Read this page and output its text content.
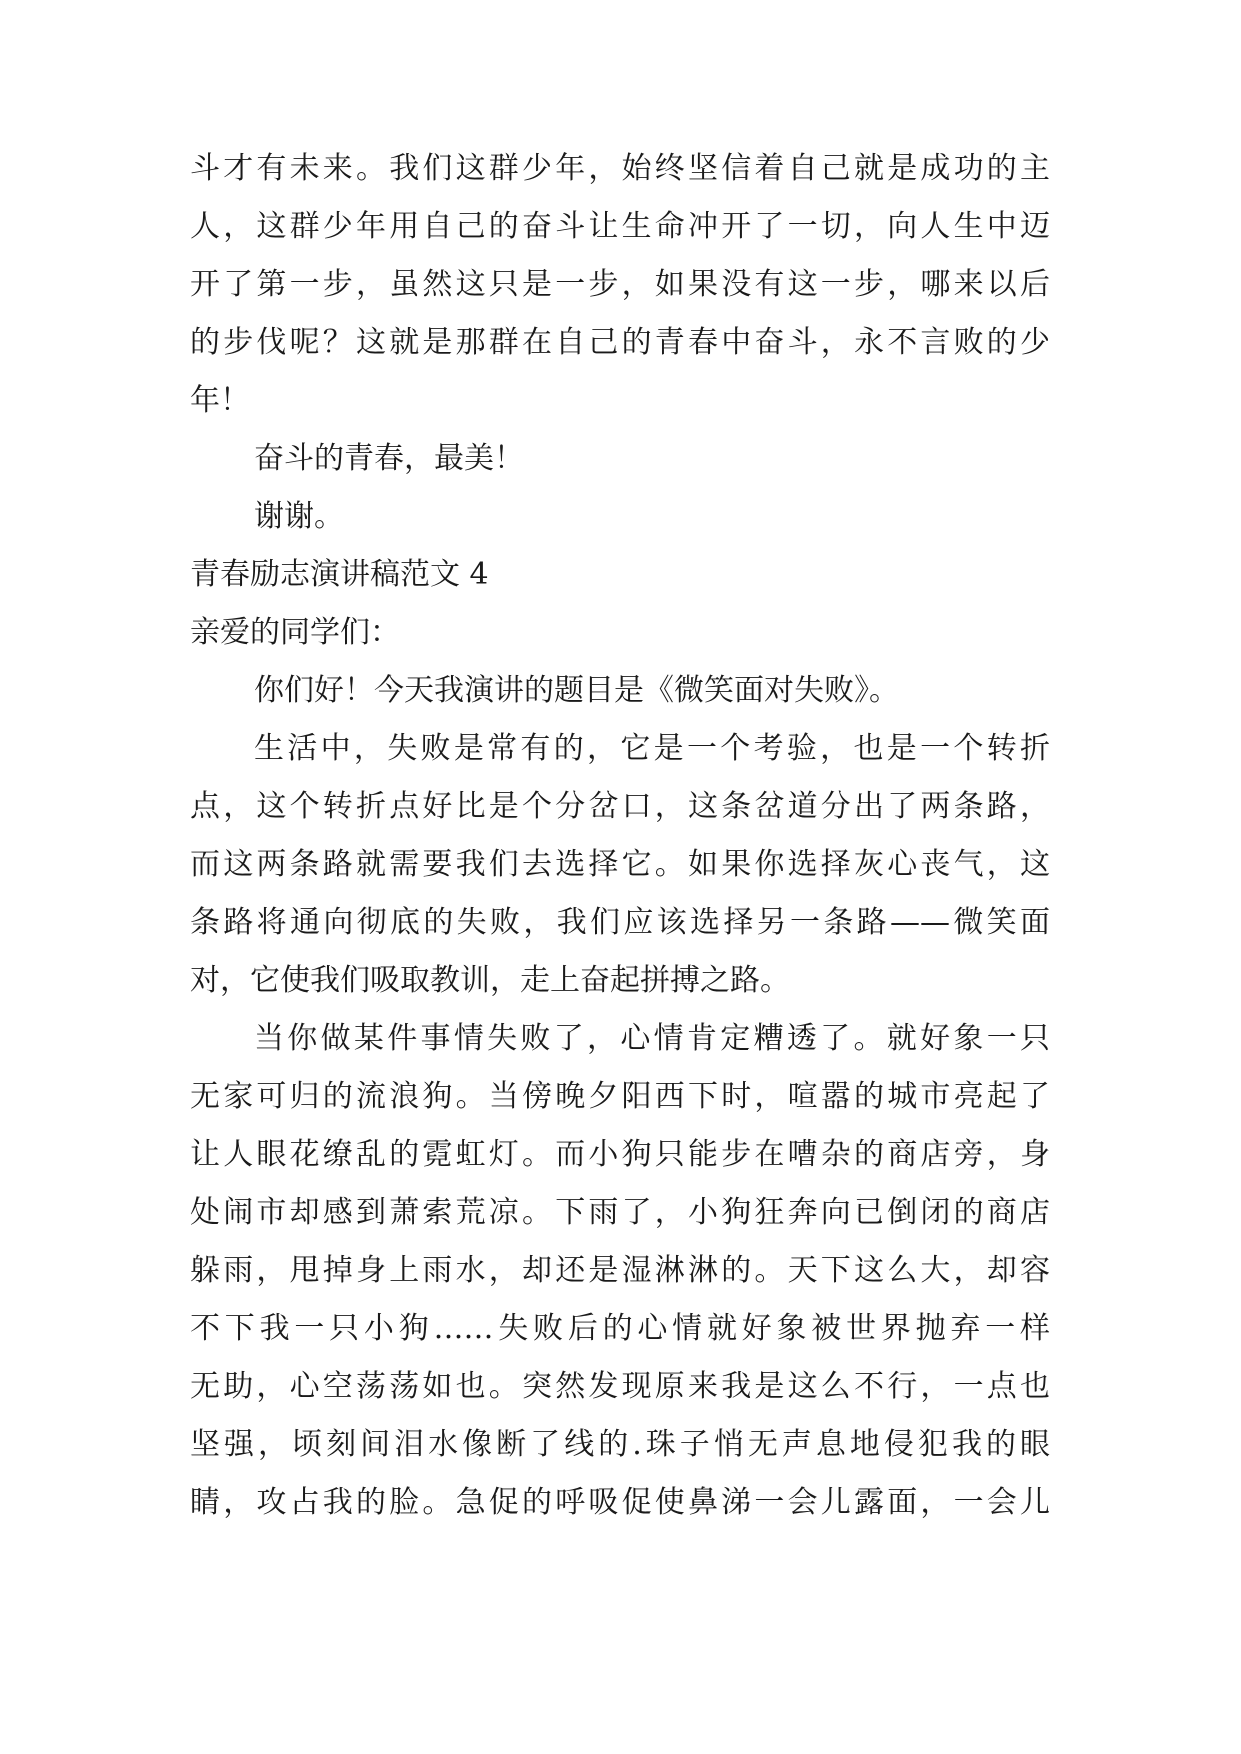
斗才有未来。我们这群少年，始终坚信着自己就是成功的主
人，这群少年用自己的奋斗让生命冲开了一切，向人生中迈
开了第一步，虽然这只是一步，如果没有这一步，哪来以后
的步伐呢？这就是那群在自己的青春中奋斗，永不言败的少
年！
奋斗的青春，最美！
谢谢。
青春励志演讲稿范文 4
亲爱的同学们：
你们好！今天我演讲的题目是《微笑面对失败》。
生活中，失败是常有的，它是一个考验，也是一个转折
点，这个转折点好比是个分岔口，这条岔道分出了两条路，
而这两条路就需要我们去选择它。如果你选择灰心丧气，这
条路将通向彻底的失败，我们应该选择另一条路——微笑面
对，它使我们吸取教训，走上奋起拼搏之路。
当你做某件事情失败了，心情肯定糟透了。就好象一只
无家可归的流浪狗。当傍晚夕阳西下时，喧嚣的城市亮起了
让人眼花缭乱的霓虹灯。而小狗只能步在嘈杂的商店旁，身
处闹市却感到萧索荒凉。下雨了，小狗狂奔向已倒闭的商店
躲雨，甩掉身上雨水，却还是湿淋淋的。天下这么大，却容
不下我一只小狗……失败后的心情就好象被世界抛弃一样
无助，心空荡荡如也。突然发现原来我是这么不行，一点也
坚强，顷刻间泪水像断了线的.珠子悄无声息地侵犯我的眼
睛，攻占我的脸。急促的呼吸促使鼻涕一会儿露面，一会儿
